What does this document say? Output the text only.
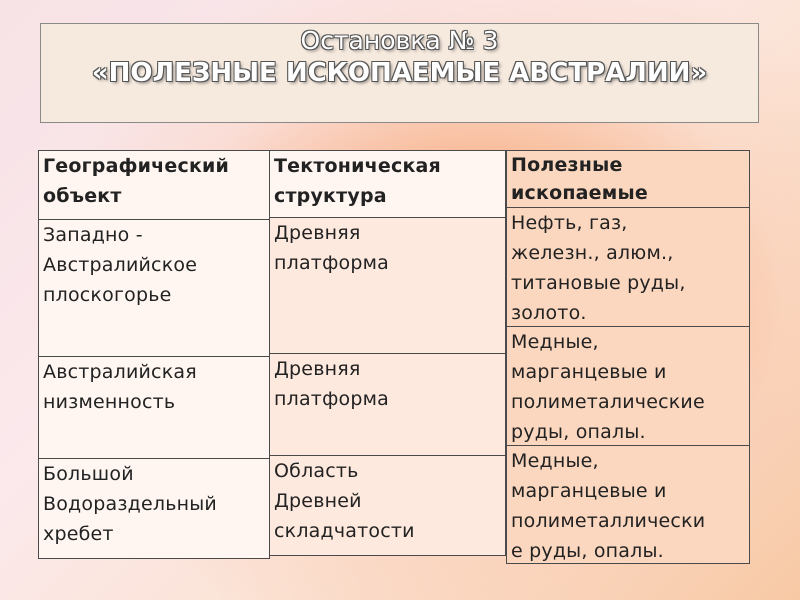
Остановка № 3
«ПОЛЕЗНЫЕ ИСКОПАЕМЫЕ АВСТРАЛИИ»
Географический
объект
Западно -
Австралийское
плоскогорье
Австралийская
низменность
Большой
Водораздельный
хребет
Тектоническая
структура
Древняя
платформа
Древняя
платформа
Область
Древней
складчатости
Полезные
ископаемые
Нефть, газ,
железн., алюм.,
титановые руды,
золото.
Медные,
марганцевые и
полиметалические
руды, опалы.
Медные,
марганцевые и
полиметаллически
е руды, опалы.
